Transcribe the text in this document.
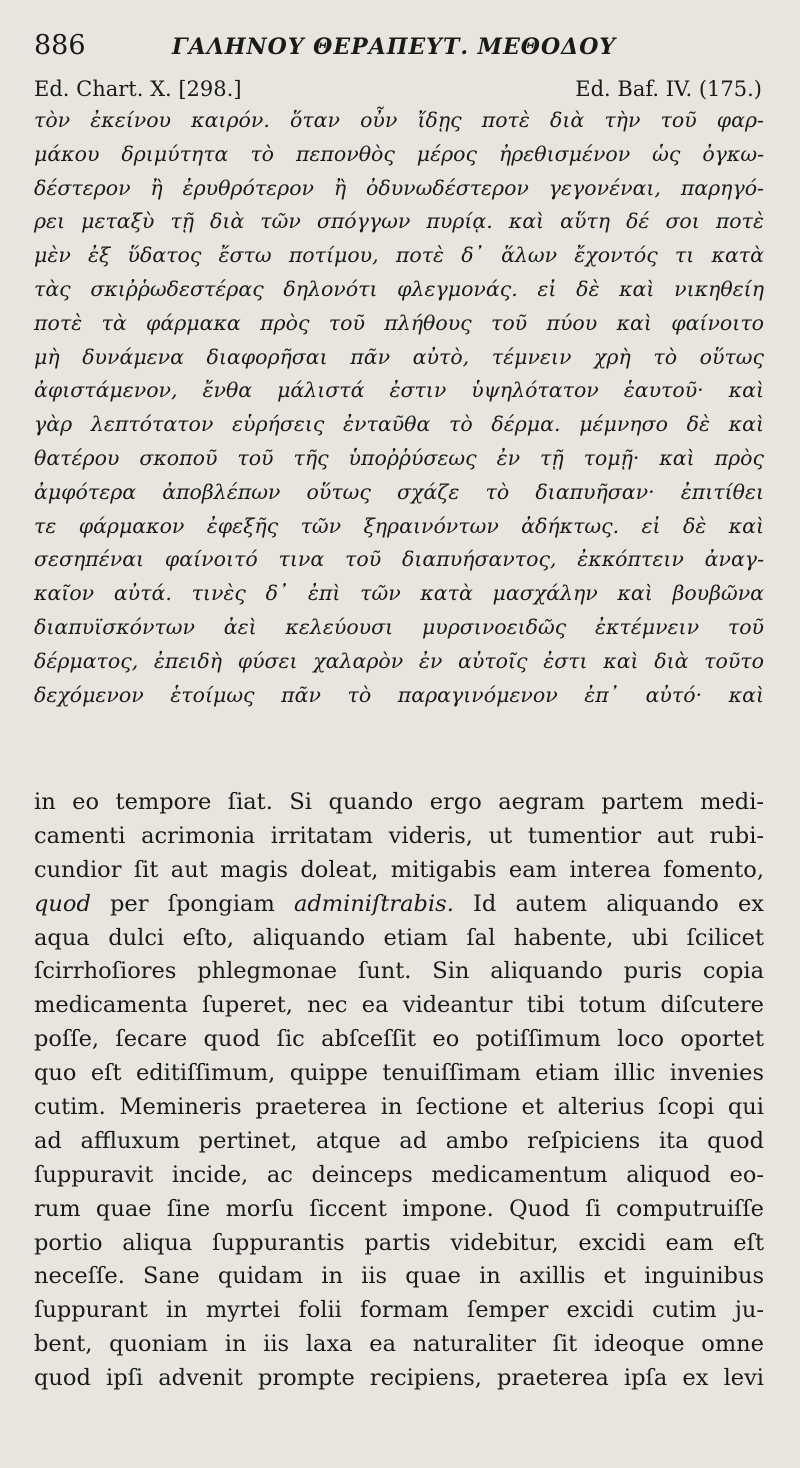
886	ΓΑΛΗΝΟΥ ΘΕΡΑΠΕΥΤ. ΜΕΘΟΔΟΥ
Ed. Chart. X. [298.]	Ed. Baf. IV. (175.)
τὸν ἐκείνου καιρόν. ὅταν οὖν ἴδῃς ποτὲ διὰ τὴν τοῦ φαρ-
μάκου δριμύτητα τὸ πεπονθὸς μέρος ἠρεθισμένον ὡς ὀγκω-
δέστερον ἢ ἐρυθρότερον ἢ ὀδυνωδέστερον γεγονέναι, παρηγό-
ρει μεταξὺ τῇ διὰ τῶν σπόγγων πυρίᾳ. καὶ αὕτη δέ σοι ποτὲ
μὲν ἐξ ὕδατος ἔστω ποτίμου, ποτὲ δ᾽ ἅλων ἔχοντός τι κατὰ
τὰς σκιῤῥωδεστέρας δηλονότι φλεγμονάς. εἰ δὲ καὶ νικηθείη
ποτὲ τὰ φάρμακα πρὸς τοῦ πλήθους τοῦ πύου καὶ φαίνοιτο
μὴ δυνάμενα διαφορῆσαι πᾶν αὐτὸ, τέμνειν χρὴ τὸ οὕτως
ἀφιστάμενον, ἔνθα μάλιστά ἐστιν ὑψηλότατον ἑαυτοῦ· καὶ
γὰρ λεπτότατον εὑρήσεις ἐνταῦθα τὸ δέρμα. μέμνησο δὲ καὶ
θατέρου σκοποῦ τοῦ τῆς ὑποῤῥύσεως ἐν τῇ τομῇ· καὶ πρὸς
ἀμφότερα ἀποβλέπων οὕτως σχάζε τὸ διαπυῆσαν· ἐπιτίθει
τε φάρμακον ἐφεξῆς τῶν ξηραινόντων ἀδήκτως. εἰ δὲ καὶ
σεσηπέναι φαίνοιτό τινα τοῦ διαπυήσαντος, ἐκκόπτειν ἀναγ-
καῖον αὐτά. τινὲς δ᾽ ἐπὶ τῶν κατὰ μασχάλην καὶ βουβῶνα
διαπυϊσκόντων ἀεὶ κελεύουσι μυρσινοειδῶς ἐκτέμνειν τοῦ
δέρματος, ἐπειδὴ φύσει χαλαρὸν ἐν αὐτοῖς ἐστι καὶ διὰ τοῦτο
δεχόμενον ἑτοίμως πᾶν τὸ παραγινόμενον ἐπ᾽ αὐτό· καὶ
in eo tempore ſiat. Si quando ergo aegram partem medi-
camenti acrimonia irritatam videris, ut tumentior aut rubi-
cundior ſit aut magis doleat, mitigabis eam interea fomento,
quod per ſpongiam adminiſtrabis. Id autem aliquando ex
aqua dulci eſto, aliquando etiam ſal habente, ubi ſcilicet
ſcirrhoſiores phlegmonae ſunt. Sin aliquando puris copia
medicamenta ſuperet, nec ea videantur tibi totum diſcutere
poſſe, ſecare quod ſic abſceſſit eo potiſſimum loco oportet
quo eſt editiſſimum, quippe tenuiſſimam etiam illic invenies
cutim. Memineris praeterea in ſectione et alterius ſcopi qui
ad affluxum pertinet, atque ad ambo reſpiciens ita quod
ſuppuravit incide, ac deinceps medicamentum aliquod eo-
rum quae ſine morſu ſiccent impone. Quod ſi computruiſſe
portio aliqua ſuppurantis partis videbitur, excidi eam eſt
neceſſe. Sane quidam in iis quae in axillis et inguinibus
ſuppurant in myrtei folii formam ſemper excidi cutim ju-
bent, quoniam in iis laxa ea naturaliter ſit ideoque omne
quod ipſi advenit prompte recipiens, praeterea ipſa ex levi
